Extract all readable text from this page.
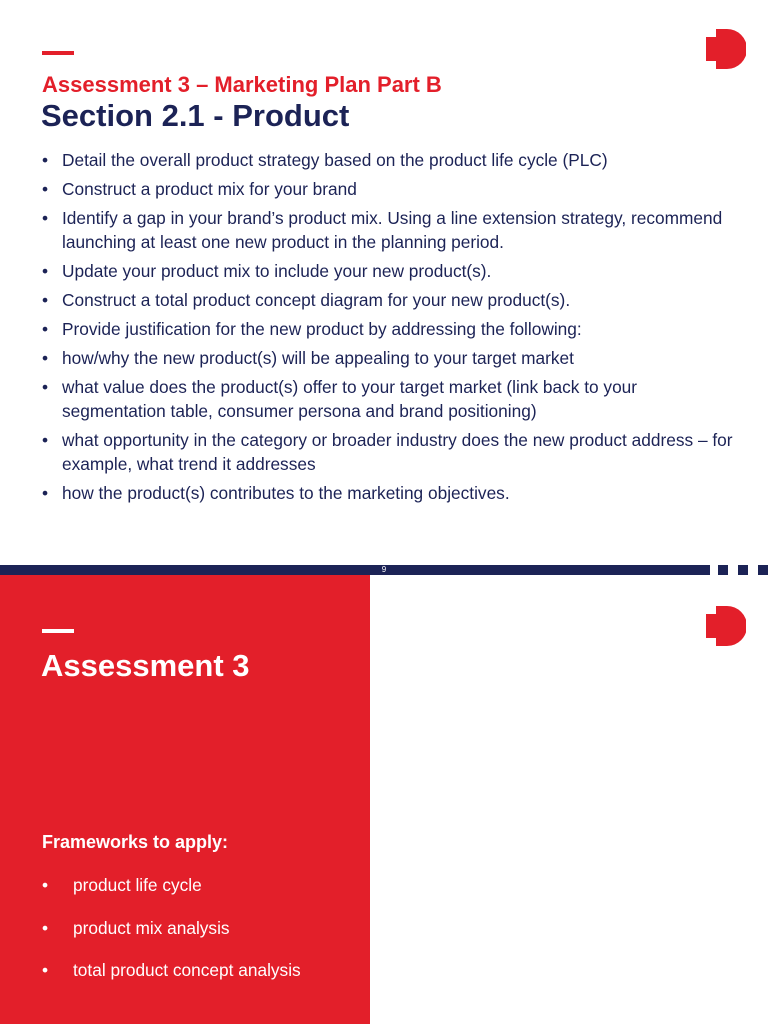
Assessment 3 – Marketing Plan Part B
Section 2.1 - Product
• Detail the overall product strategy based on the product life cycle (PLC)
• Construct a product mix for your brand
• Identify a gap in your brand’s product mix. Using a line extension strategy, recommend launching at least one new product in the planning period.
• Update your product mix to include your new product(s).
• Construct a total product concept diagram for your new product(s).
• Provide justification for the new product by addressing the following:
• how/why the new product(s) will be appealing to your target market
• what value does the product(s) offer to your target market (link back to your segmentation table, consumer persona and brand positioning)
• what opportunity in the category or broader industry does the new product address – for example, what trend it addresses
• how the product(s) contributes to the marketing objectives.
9
Assessment 3
Frameworks to apply:
• product life cycle
• product mix analysis
• total product concept analysis
